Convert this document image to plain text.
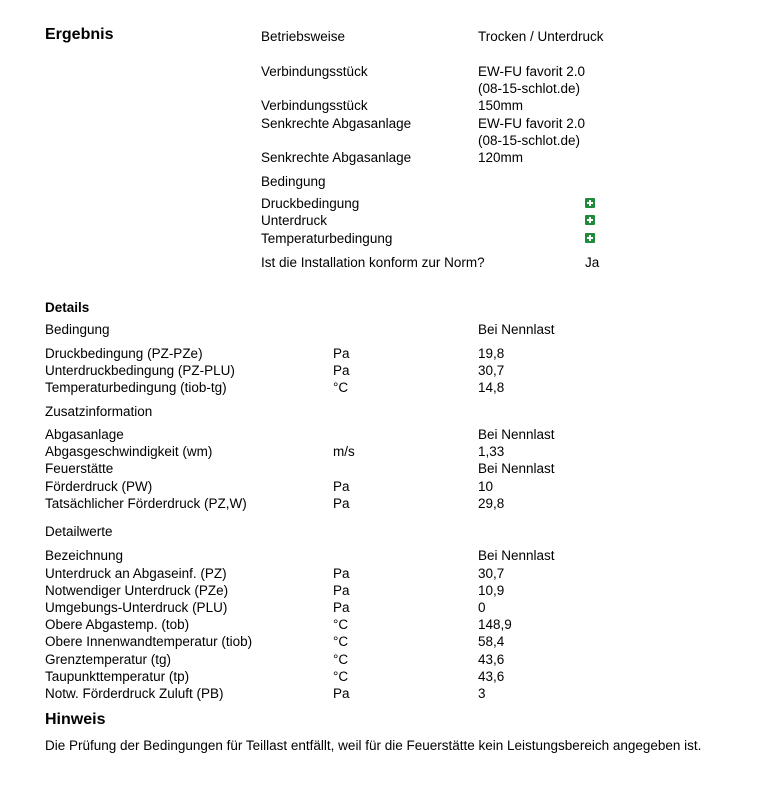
Ergebnis	Betriebsweise	Trocken / Unterdruck
Verbindungsstück	EW-FU favorit 2.0
(08-15-schlot.de)
Verbindungsstück	150mm
Senkrechte Abgasanlage	EW-FU favorit 2.0
(08-15-schlot.de)
Senkrechte Abgasanlage	120mm
Bedingung
Druckbedingung
Unterdruck
Temperaturbedingung
Ist die Installation konform zur Norm?	Ja
Details
Bedingung	Bei Nennlast
Druckbedingung (PZ-PZe)	Pa	19,8
Unterdruckbedingung (PZ-PLU)	Pa	30,7
Temperaturbedingung (tiob-tg)	°C	14,8
Zusatzinformation
Abgasanlage	Bei Nennlast
Abgasgeschwindigkeit (wm)	m/s	1,33
Feuerstätte	Bei Nennlast
Förderdruck (PW)	Pa	10
Tatsächlicher Förderdruck (PZ,W)	Pa	29,8
Detailwerte
Bezeichnung	Bei Nennlast
Unterdruck an Abgaseinf. (PZ)	Pa	30,7
Notwendiger Unterdruck (PZe)	Pa	10,9
Umgebungs-Unterdruck (PLU)	Pa	0
Obere Abgastemp. (tob)	°C	148,9
Obere Innenwandtemperatur (tiob)	°C	58,4
Grenztemperatur (tg)	°C	43,6
Taupunkttemperatur (tp)	°C	43,6
Notw. Förderdruck Zuluft (PB)	Pa	3
Hinweis
Die Prüfung der Bedingungen für Teillast entfällt, weil für die Feuerstätte kein Leistungsbereich angegeben ist.
